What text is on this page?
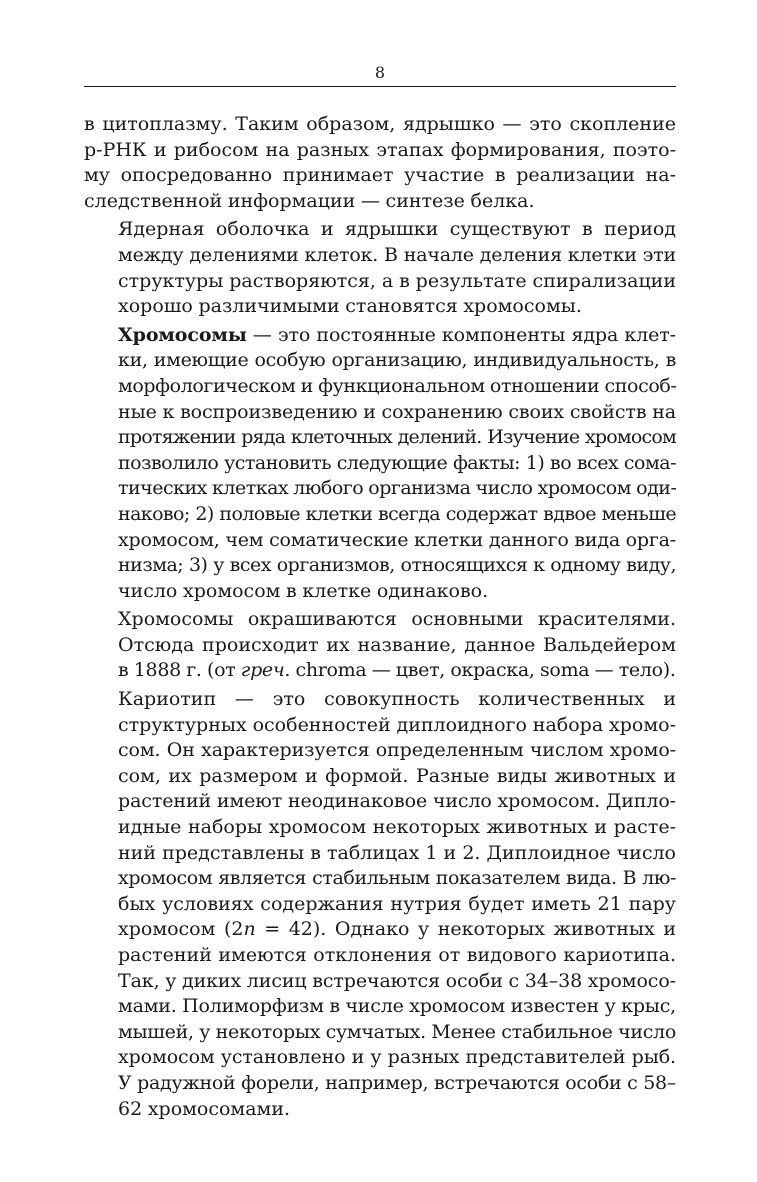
8

в цитоплазму. Таким образом, ядрышко — это скопление
р-РНК и рибосом на разных этапах формирования, поэто-
му опосредованно принимает участие в реализации на-
следственной информации — синтезе белка.

Ядерная оболочка и ядрышки существуют в период
между делениями клеток. В начале деления клетки эти
структуры растворяются, а в результате спирализации
хорошо различимыми становятся хромосомы.

Хромосомы — это постоянные компоненты ядра клет-
ки, имеющие особую организацию, индивидуальность, в
морфологическом и функциональном отношении способ-
ные к воспроизведению и сохранению своих свойств на
протяжении ряда клеточных делений. Изучение хромосом
позволило установить следующие факты: 1) во всех сома-
тических клетках любого организма число хромосом оди-
наково; 2) половые клетки всегда содержат вдвое меньше
хромосом, чем соматические клетки данного вида орга-
низма; 3) у всех организмов, относящихся к одному виду,
число хромосом в клетке одинаково.

Хромосомы окрашиваются основными красителями.
Отсюда происходит их название, данное Вальдейером
в 1888 г. (от греч. chroma — цвет, окраска, soma — тело).

Кариотип — это совокупность количественных и
структурных особенностей диплоидного набора хромо-
сом. Он характеризуется определенным числом хромо-
сом, их размером и формой. Разные виды животных и
растений имеют неодинаковое число хромосом. Дипло-
идные наборы хромосом некоторых животных и расте-
ний представлены в таблицах 1 и 2. Диплоидное число
хромосом является стабильным показателем вида. В лю-
бых условиях содержания нутрия будет иметь 21 пару
хромосом (2n = 42). Однако у некоторых животных и
растений имеются отклонения от видового кариотипа.
Так, у диких лисиц встречаются особи с 34–38 хромосо-
мами. Полиморфизм в числе хромосом известен у крыс,
мышей, у некоторых сумчатых. Менее стабильное число
хромосом установлено и у разных представителей рыб.
У радужной форели, например, встречаются особи с 58–
62 хромосомами.
